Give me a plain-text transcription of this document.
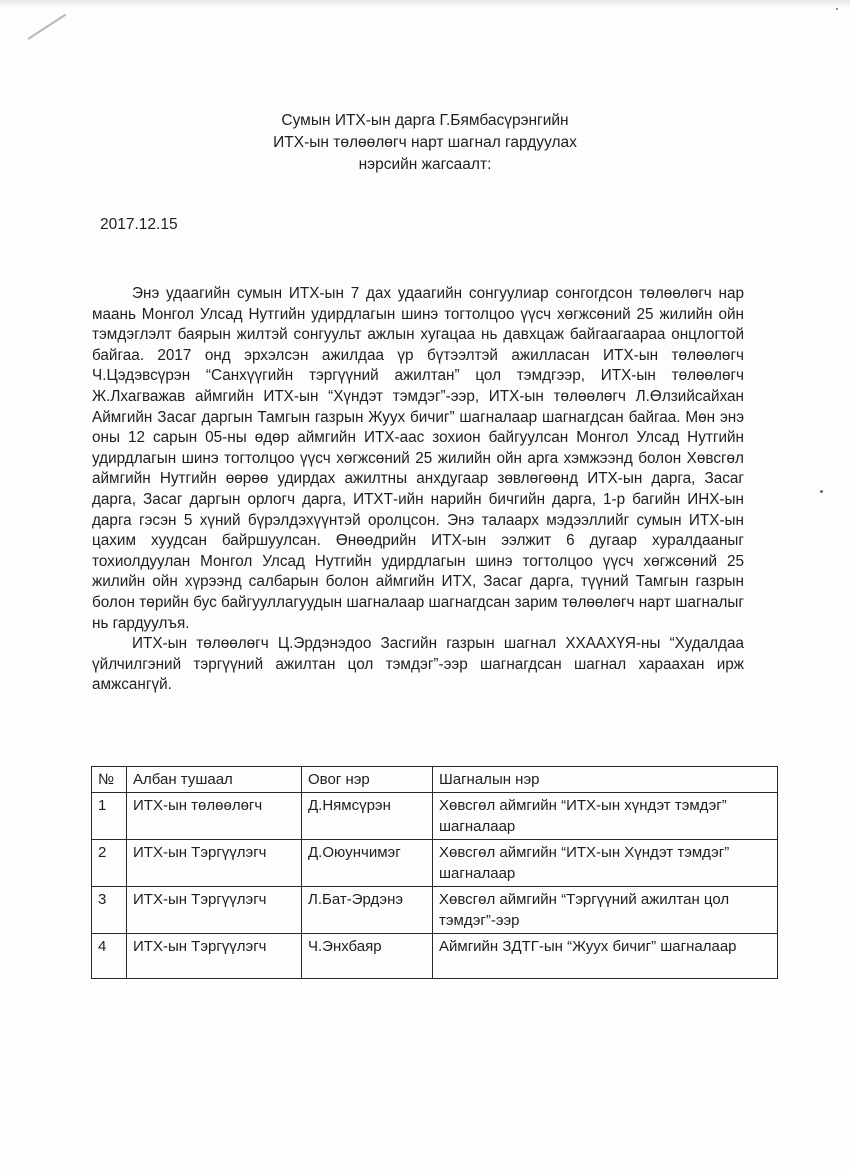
Сумын ИТХ-ын дарга Г.Бямбасүрэнгийн
ИТХ-ын төлөөлөгч нарт шагнал гардуулах
нэрсийн жагсаалт:
2017.12.15

Энэ удаагийн сумын ИТХ-ын 7 дах удаагийн сонгуулиар сонгогдсон төлөөлөгч нар маань Монгол Улсад Нутгийн удирдлагын шинэ тогтолцоо үүсч хөгжсөний 25 жилийн ойн тэмдэглэлт баярын жилтэй сонгуульт ажлын хугацаа нь давхцаж байгаагаараа онцлогтой байгаа. 2017 онд эрхэлсэн ажилдаа үр бүтээлтэй ажилласан ИТХ-ын төлөөлөгч Ч.Цэдэвсүрэн “Санхүүгийн тэргүүний ажилтан” цол тэмдгээр, ИТХ-ын төлөөлөгч Ж.Лхагважав аймгийн ИТХ-ын “Хүндэт тэмдэг”-ээр, ИТХ-ын төлөөлөгч Л.Өлзийсайхан Аймгийн Засаг даргын Тамгын газрын Жуух бичиг” шагналаар шагнагдсан байгаа. Мөн энэ оны 12 сарын 05-ны өдөр аймгийн ИТХ-аас зохион байгуулсан Монгол Улсад Нутгийн удирдлагын шинэ тогтолцоо үүсч хөгжсөний 25 жилийн ойн арга хэмжээнд болон Хөвсгөл аймгийн Нутгийн өөрөө удирдах ажилтны анхдугаар зөвлөгөөнд ИТХ-ын дарга, Засаг дарга, Засаг даргын орлогч дарга, ИТХТ-ийн нарийн бичгийн дарга, 1-р багийн ИНХ-ын дарга гэсэн 5 хүний бүрэлдэхүүнтэй оролцсон. Энэ талаарх мэдээллийг сумын ИТХ-ын цахим хуудсан байршуулсан. Өнөөдрийн ИТХ-ын ээлжит 6 дугаар хуралдааныг тохиолдуулан Монгол Улсад Нутгийн удирдлагын шинэ тогтолцоо үүсч хөгжсөний 25 жилийн ойн хүрээнд салбарын болон аймгийн ИТХ, Засаг дарга, түүний Тамгын газрын болон төрийн бус байгууллагуудын шагналаар шагнагдсан зарим төлөөлөгч нарт шагналыг нь гардуулъя.

ИТХ-ын төлөөлөгч Ц.Эрдэнэдоо Засгийн газрын шагнал ХХААХҮЯ-ны “Худалдаа үйлчилгэний тэргүүний ажилтан цол тэмдэг”-ээр шагнагдсан шагнал хараахан ирж амжсангүй.

№	Албан тушаал	Овог нэр	Шагналын нэр
1	ИТХ-ын төлөөлөгч	Д.Нямсүрэн	Хөвсгөл аймгийн “ИТХ-ын хүндэт тэмдэг” шагналаар
2	ИТХ-ын Тэргүүлэгч	Д.Оюунчимэг	Хөвсгөл аймгийн “ИТХ-ын Хүндэт тэмдэг” шагналаар
3	ИТХ-ын Тэргүүлэгч	Л.Бат-Эрдэнэ	Хөвсгөл аймгийн “Тэргүүний ажилтан цол тэмдэг”-ээр
4	ИТХ-ын Тэргүүлэгч	Ч.Энхбаяр	Аймгийн ЗДТГ-ын “Жуух бичиг” шагналаар
